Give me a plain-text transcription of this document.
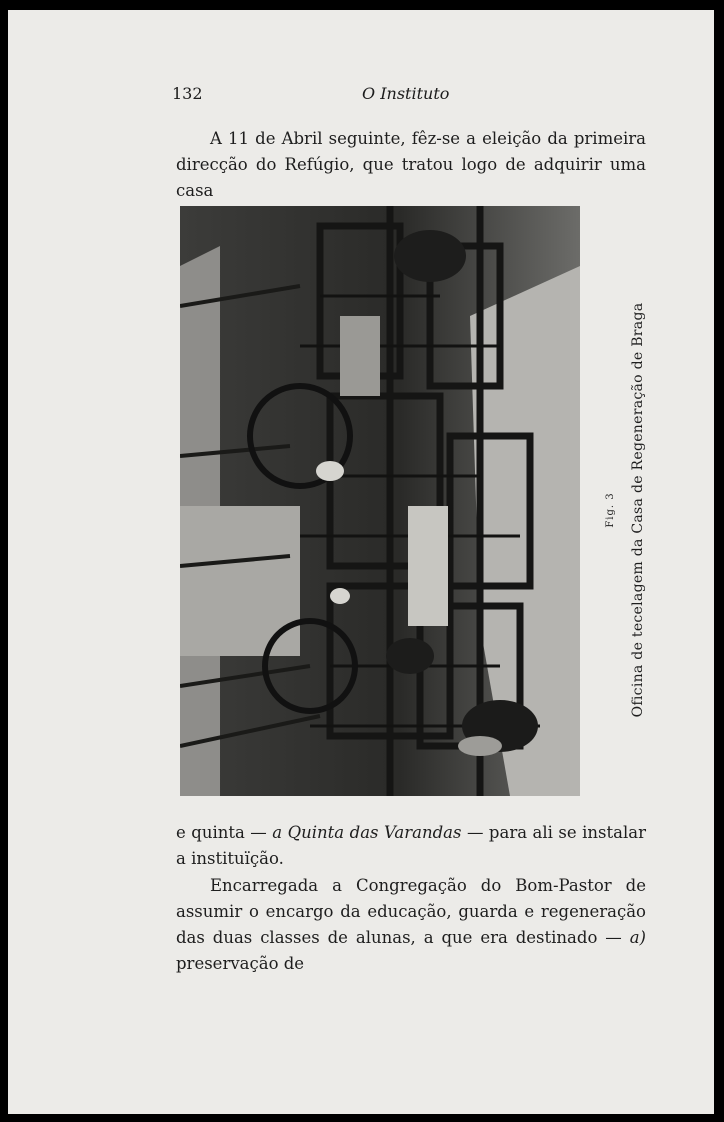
132	O Instituto

A 11 de Abril seguinte, fêz-se a eleição da primeira direcção do Refúgio, que tratou logo de adquirir uma casa

Fig. 3 Oficina de tecelagem da Casa de Regeneração de Braga

e quinta — a Quinta das Varandas — para ali se instalar a instituïção.

Encarregada a Congregação do Bom-Pastor de assumir o encargo da educação, guarda e regeneração das duas classes de alunas, a que era destinado — a) preservação de
